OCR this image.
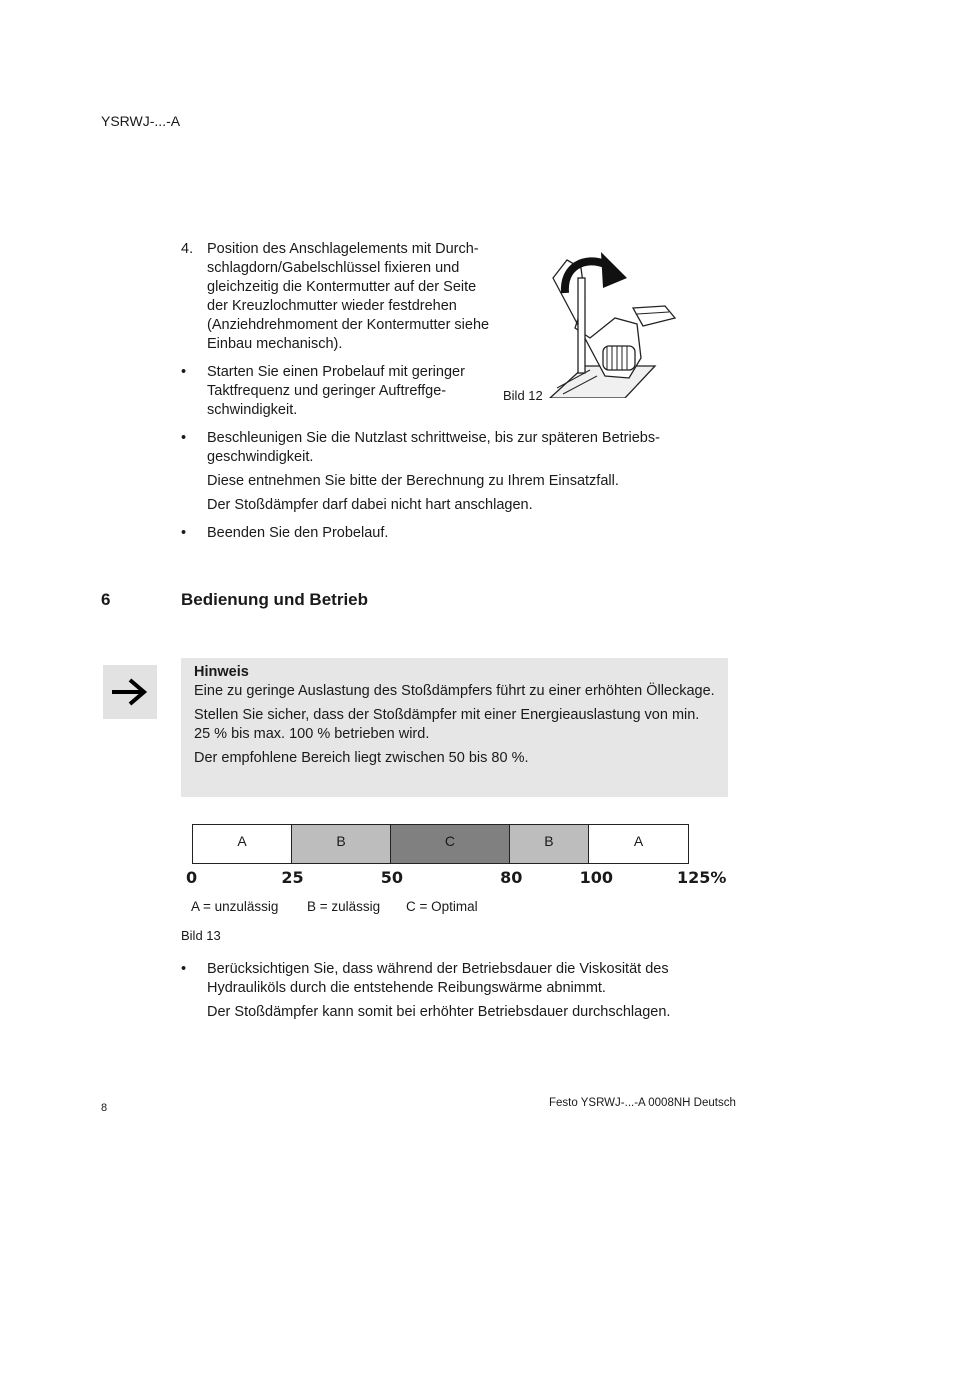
YSRWJ-...-A
4. Position des Anschlagelements mit Durch-schlagdorn/Gabelschlüssel fixieren und gleichzeitig die Kontermutter auf der Seite der Kreuzlochmutter wieder festdrehen (Anziehdrehmoment der Kontermutter siehe Einbau mechanisch).
• Starten Sie einen Probelauf mit geringer Taktfrequenz und geringer Auftreffge-schwindigkeit.
Bild 12
• Beschleunigen Sie die Nutzlast schrittweise, bis zur späteren Betriebs-geschwindigkeit.
Diese entnehmen Sie bitte der Berechnung zu Ihrem Einsatzfall.
Der Stoßdämpfer darf dabei nicht hart anschlagen.
• Beenden Sie den Probelauf.
6	Bedienung und Betrieb

Hinweis

Eine zu geringe Auslastung des Stoßdämpfers führt zu einer erhöhten Ölleckage.

Stellen Sie sicher, dass der Stoßdämpfer mit einer Energieauslastung von min. 25 % bis max. 100 % betrieben wird.

Der empfohlene Bereich liegt zwischen 50 bis 80 %.

A	B	C	B	A
0	25	50	80	100	125%
A = unzulässig B = zulässig C = Optimal
Bild 13
• Berücksichtigen Sie, dass während der Betriebsdauer die Viskosität des Hydrauliköls durch die entstehende Reibungswärme abnimmt.
Der Stoßdämpfer kann somit bei erhöhter Betriebsdauer durchschlagen.
8	Festo YSRWJ-...-A 0008NH Deutsch
